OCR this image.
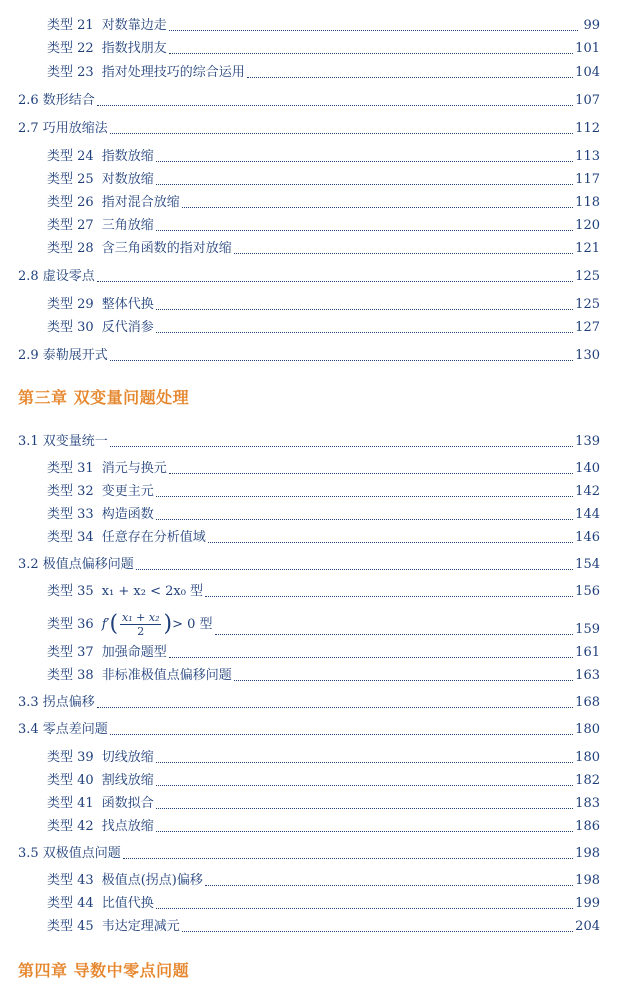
类型 21 对数靠边走	99
类型 22 指数找朋友	101
类型 23 指对处理技巧的综合运用	104
2.6 数形结合	107
2.7 巧用放缩法	112
类型 24 指数放缩	113
类型 25 对数放缩	117
类型 26 指对混合放缩	118
类型 27 三角放缩	120
类型 28 含三角函数的指对放缩	121
2.8 虚设零点	125
类型 29 整体代换	125
类型 30 反代消参	127
2.9 泰勒展开式	130
第三章 双变量问题处理
3.1 双变量统一	139
类型 31 消元与换元	140
类型 32 变更主元	142
类型 33 构造函数	144
类型 34 任意存在分析值域	146
3.2 极值点偏移问题	154
类型 35 x₁ + x₂ < 2x₀ 型	156
类型 36 $f'( \frac{\text{x₁ + x₂}}{2}$ )> 0 型	159
类型 37 加强命题型	161
类型 38 非标准极值点偏移问题	163
3.3 拐点偏移	168
3.4 零点差问题	180
类型 39 切线放缩	180
类型 40 割线放缩	182
类型 41 函数拟合	183
类型 42 找点放缩	186
3.5 双极值点问题	198
类型 43 极值点(拐点)偏移	198
类型 44 比值代换	199
类型 45 韦达定理减元	204
第四章 导数中零点问题
